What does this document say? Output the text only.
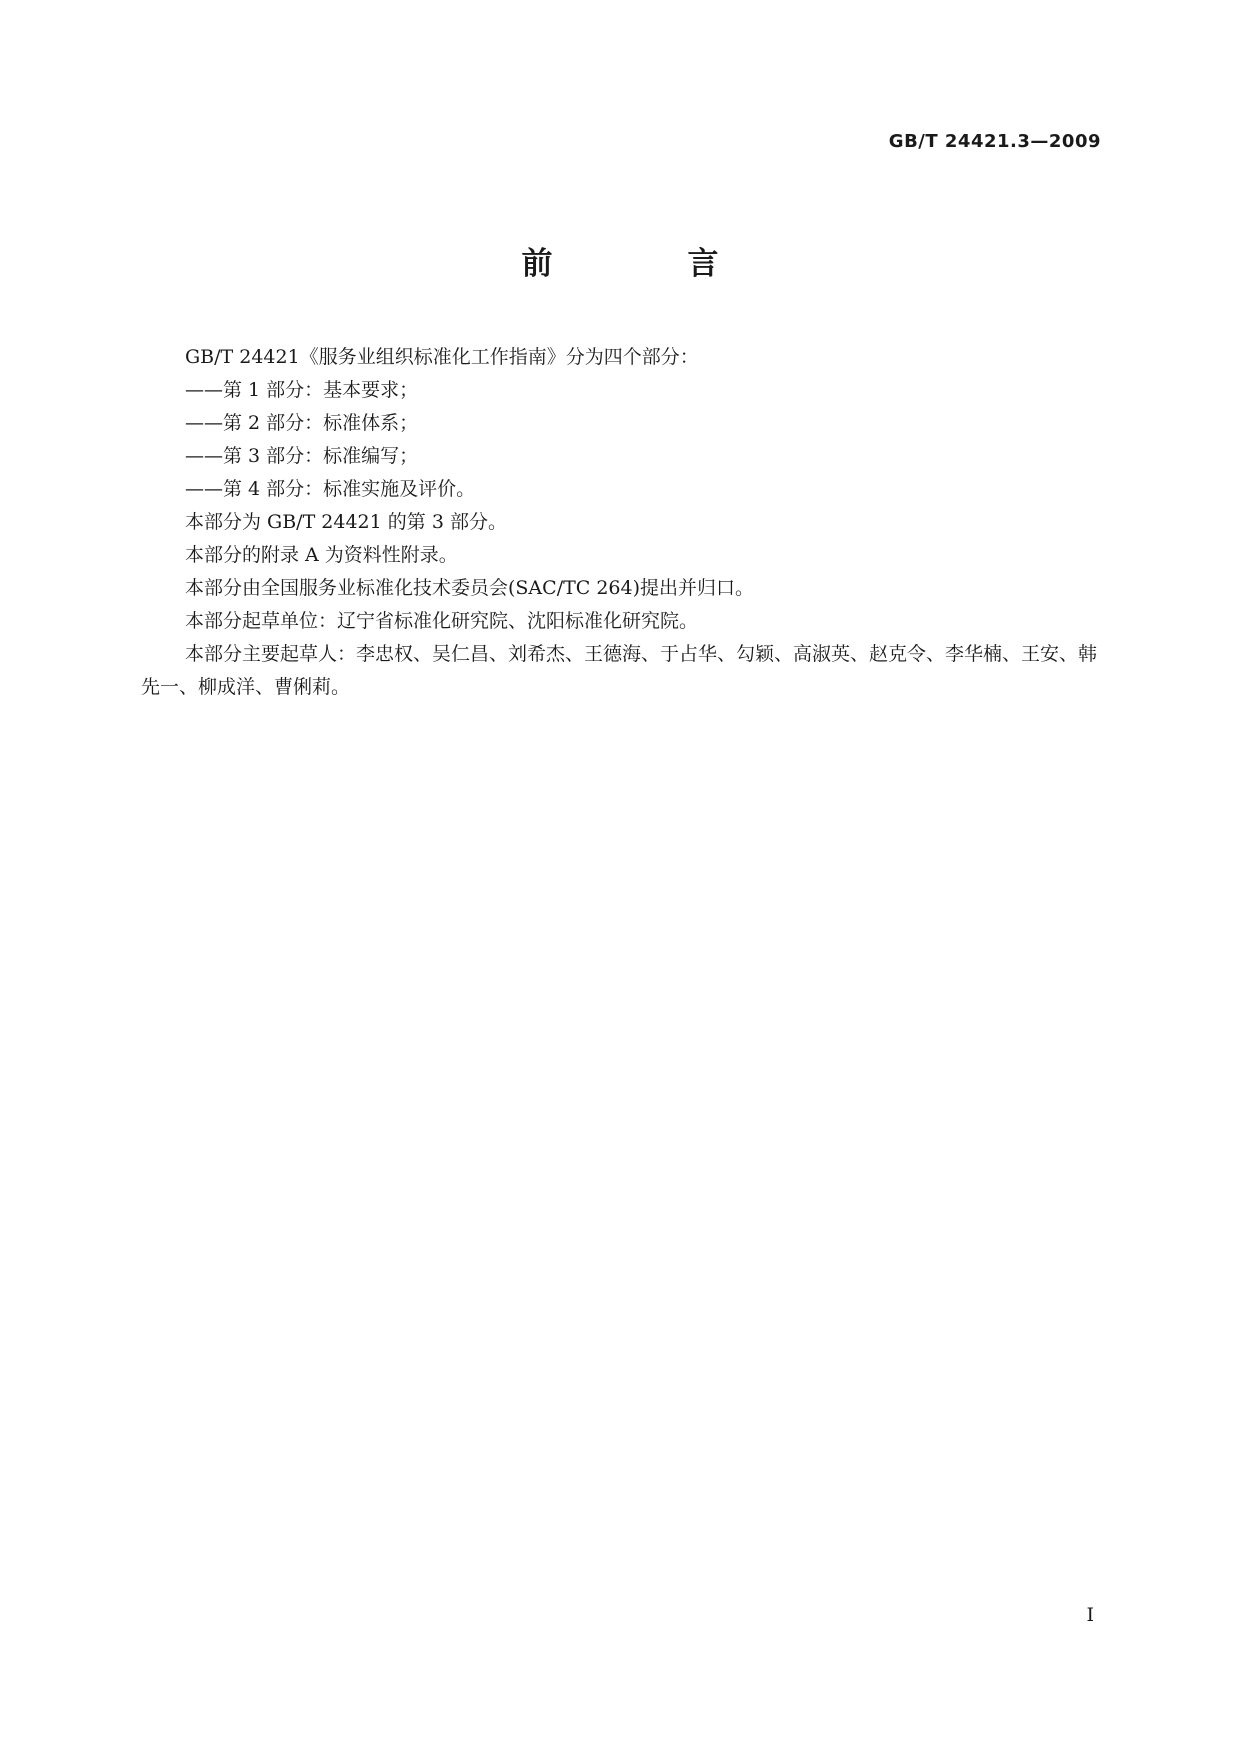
GB/T 24421.3—2009
前　言

GB/T 24421《服务业组织标准化工作指南》分为四个部分：

——第 1 部分：基本要求；

——第 2 部分：标准体系；

——第 3 部分：标准编写；

——第 4 部分：标准实施及评价。

本部分为 GB/T 24421 的第 3 部分。

本部分的附录 A 为资料性附录。

本部分由全国服务业标准化技术委员会(SAC/TC 264)提出并归口。

本部分起草单位：辽宁省标准化研究院、沈阳标准化研究院。

本部分主要起草人：李忠权、吴仁昌、刘希杰、王德海、于占华、勾颖、高淑英、赵克令、李华楠、王安、韩先一、柳成洋、曹俐莉。

I
